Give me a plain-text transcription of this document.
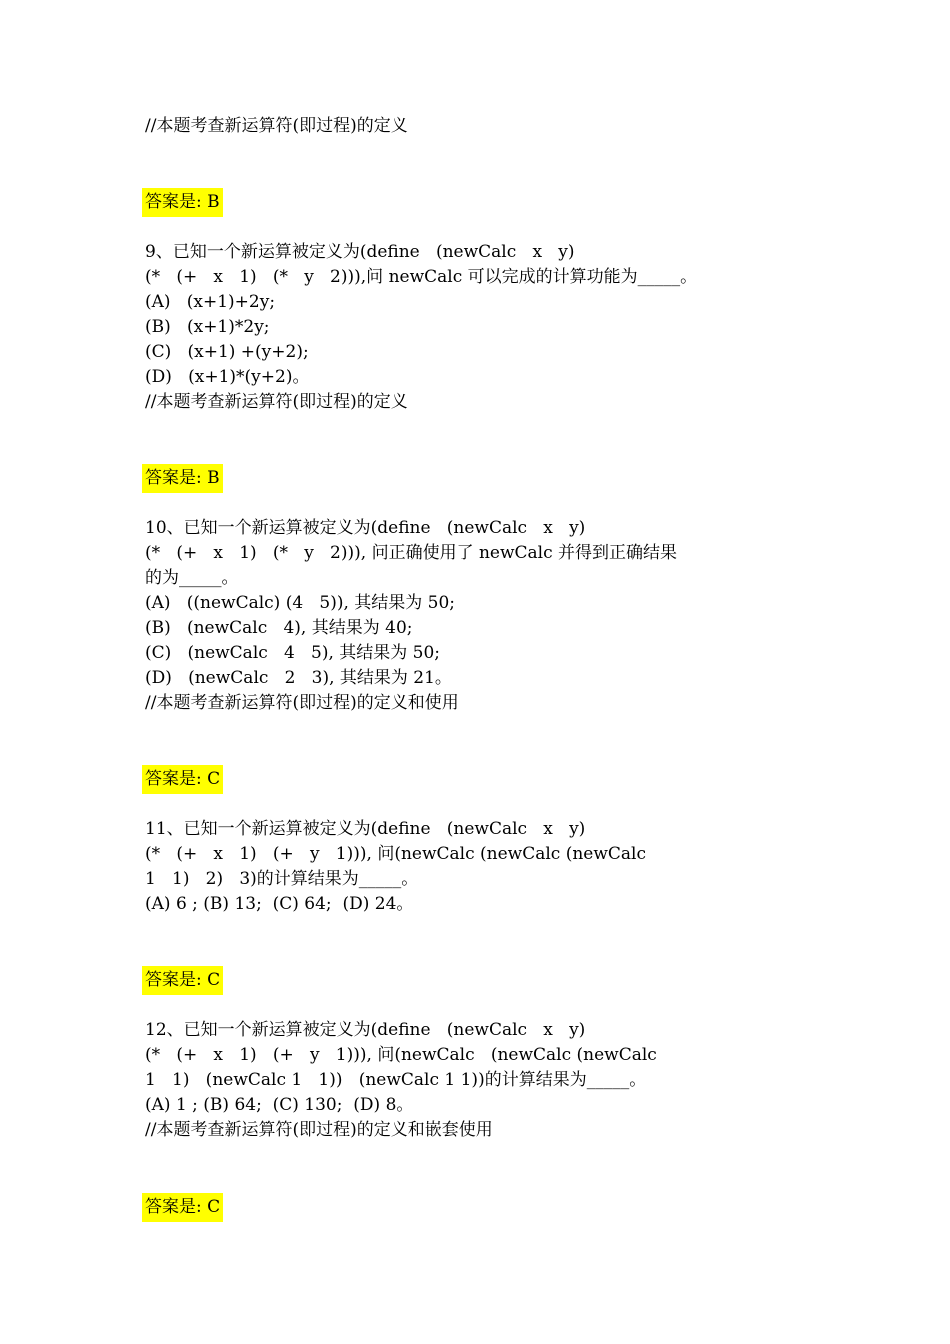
//本题考查新运算符(即过程)的定义
答案是: B
9、已知一个新运算被定义为(define   (newCalc   x   y)
(*   (+   x   1)   (*   y   2))),问 newCalc 可以完成的计算功能为_____。
(A)   (x+1)+2y;
(B)   (x+1)*2y;
(C)   (x+1) +(y+2);
(D)   (x+1)*(y+2)。
//本题考查新运算符(即过程)的定义
答案是: B
10、已知一个新运算被定义为(define   (newCalc   x   y)
(*   (+   x   1)   (*   y   2))), 问正确使用了 newCalc 并得到正确结果
的为_____。
(A)   ((newCalc) (4   5)), 其结果为 50;
(B)   (newCalc   4), 其结果为 40;
(C)   (newCalc   4   5), 其结果为 50;
(D)   (newCalc   2   3), 其结果为 21。
//本题考查新运算符(即过程)的定义和使用
答案是: C
11、已知一个新运算被定义为(define   (newCalc   x   y)
(*   (+   x   1)   (+   y   1))), 问(newCalc (newCalc (newCalc
1   1)   2)   3)的计算结果为_____。
(A) 6 ; (B) 13;  (C) 64;  (D) 24。
答案是: C
12、已知一个新运算被定义为(define   (newCalc   x   y)
(*   (+   x   1)   (+   y   1))), 问(newCalc   (newCalc (newCalc
1   1)   (newCalc 1   1))   (newCalc 1 1))的计算结果为_____。
(A) 1 ; (B) 64;  (C) 130;  (D) 8。
//本题考查新运算符(即过程)的定义和嵌套使用
答案是: C
